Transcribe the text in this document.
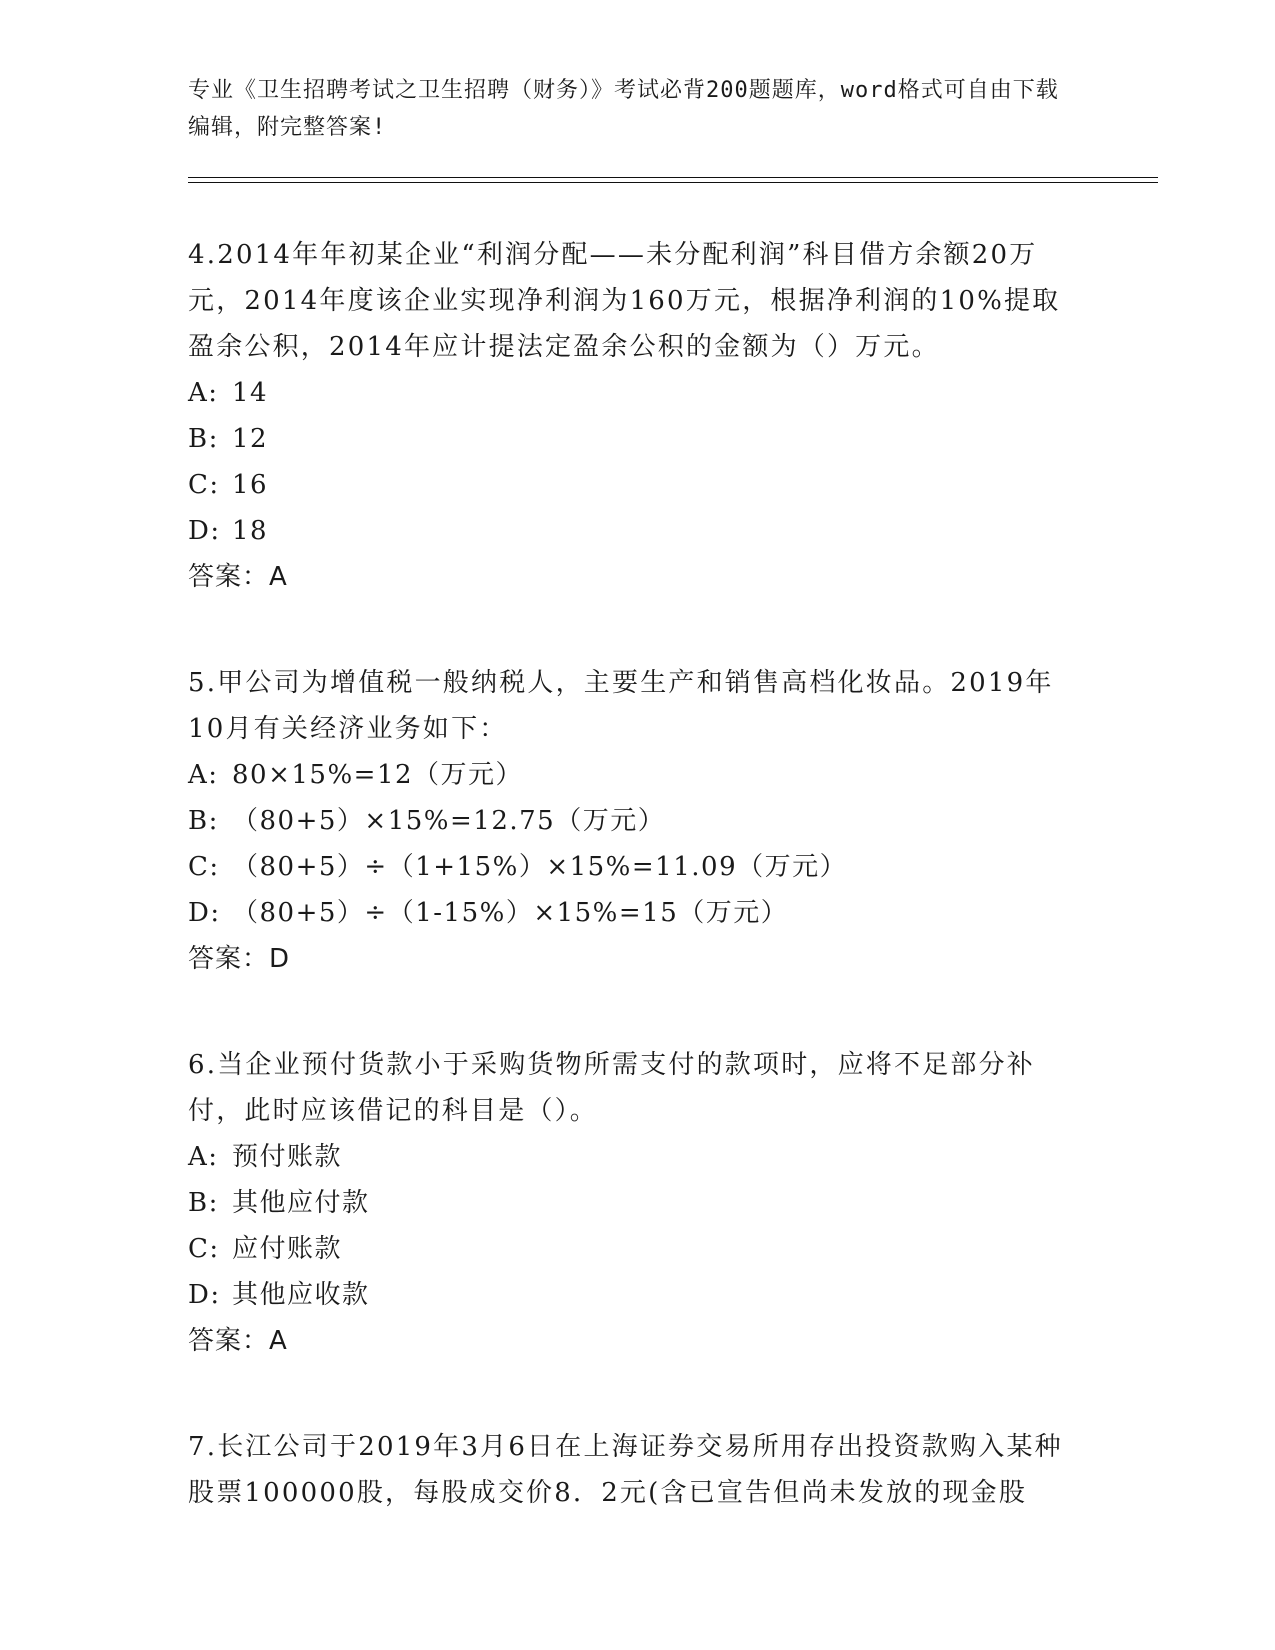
专业《卫生招聘考试之卫生招聘（财务）》考试必背200题题库，word格式可自由下载编辑，附完整答案!
4.2014年年初某企业“利润分配——未分配利润”科目借方余额20万元，2014年度该企业实现净利润为160万元，根据净利润的10%提取盈余公积，2014年应计提法定盈余公积的金额为（）万元。
A: 14
B: 12
C: 16
D: 18
答案：A
5.甲公司为增值税一般纳税人，主要生产和销售高档化妆品。2019年10月有关经济业务如下：
A: 80×15%=12（万元）
B: （80+5）×15%=12.75（万元）
C: （80+5）÷（1+15%）×15%=11.09（万元）
D: （80+5）÷（1-15%）×15%=15（万元）
答案：D
6.当企业预付货款小于采购货物所需支付的款项时，应将不足部分补付，此时应该借记的科目是（）。
A: 预付账款
B: 其他应付款
C: 应付账款
D: 其他应收款
答案：A
7.长江公司于2019年3月6日在上海证券交易所用存出投资款购入某种股票100000股，每股成交价8．2元(含已宣告但尚未发放的现金股
